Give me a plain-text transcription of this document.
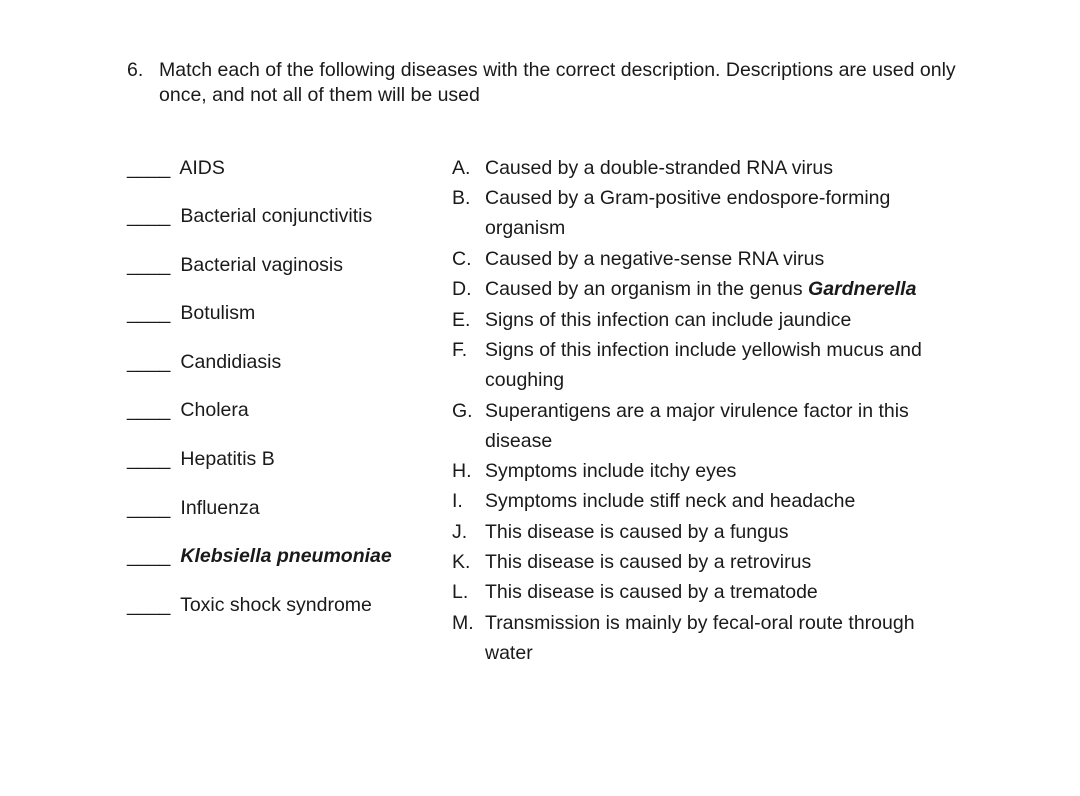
6. Match each of the following diseases with the correct description. Descriptions are used only once, and not all of them will be used
____ AIDS
____ Bacterial conjunctivitis
____ Bacterial vaginosis
____ Botulism
____ Candidiasis
____ Cholera
____ Hepatitis B
____ Influenza
____ Klebsiella pneumoniae
____ Toxic shock syndrome
A. Caused by a double-stranded RNA virus
B. Caused by a Gram-positive endospore-forming organism
C. Caused by a negative-sense RNA virus
D. Caused by an organism in the genus Gardnerella
E. Signs of this infection can include jaundice
F. Signs of this infection include yellowish mucus and coughing
G. Superantigens are a major virulence factor in this disease
H. Symptoms include itchy eyes
I. Symptoms include stiff neck and headache
J. This disease is caused by a fungus
K. This disease is caused by a retrovirus
L. This disease is caused by a trematode
M. Transmission is mainly by fecal-oral route through water
